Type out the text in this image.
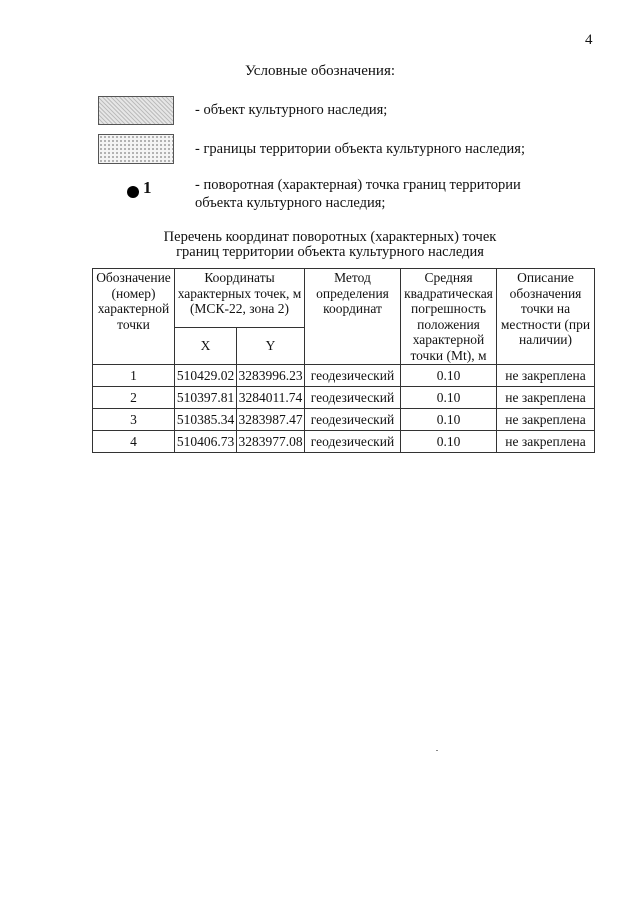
4
Условные обозначения:
- объект культурного наследия;
- границы территории объекта культурного наследия;
1	- поворотная (характерная) точка границ территории объекта культурного наследия;
Перечень координат поворотных (характерных) точек
границ территории объекта культурного наследия
Обозначение (номер) характерной точки	Координаты характерных точек, м (МСК-22, зона 2)		Метод определения координат	Средняя квадратическая погрешность положения характерной точки (Mt), м	Описание обозначения точки на местности (при наличии)
	X	Y			
1	510429.02	3283996.23	геодезический	0.10	не закреплена
2	510397.81	3284011.74	геодезический	0.10	не закреплена
3	510385.34	3283987.47	геодезический	0.10	не закреплена
4	510406.73	3283977.08	геодезический	0.10	не закреплена
